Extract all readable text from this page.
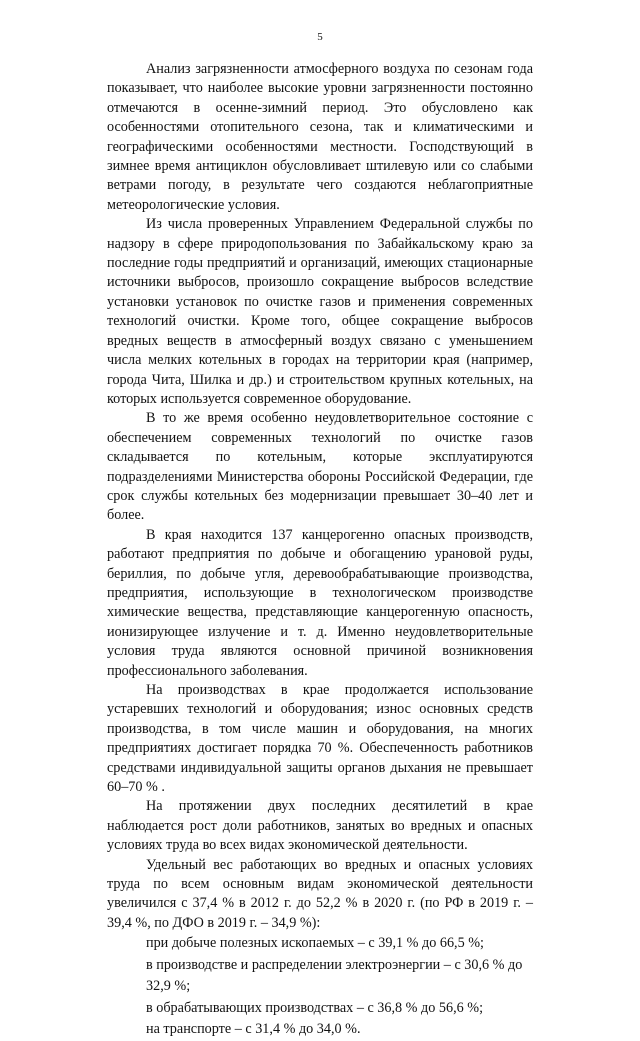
5

Анализ загрязненности атмосферного воздуха по сезонам года показывает, что наиболее высокие уровни загрязненности постоянно отмечаются в осенне-зимний период. Это обусловлено как особенностями отопительного сезона, так и климатическими и географическими особенностями местности. Господствующий в зимнее время антициклон обусловливает штилевую или со слабыми ветрами погоду, в результате чего создаются неблагоприятные метеорологические условия.

Из числа проверенных Управлением Федеральной службы по надзору в сфере природопользования по Забайкальскому краю за последние годы предприятий и организаций, имеющих стационарные источники выбросов, произошло сокращение выбросов вследствие установки установок по очистке газов и применения современных технологий очистки. Кроме того, общее сокращение выбросов вредных веществ в атмосферный воздух связано с уменьшением числа мелких котельных в городах на территории края (например, города Чита, Шилка и др.) и строительством крупных котельных, на которых используется современное оборудование.

В то же время особенно неудовлетворительное состояние с обеспечением современных технологий по очистке газов складывается по котельным, которые эксплуатируются подразделениями Министерства обороны Российской Федерации, где срок службы котельных без модернизации превышает 30–40 лет и более.

В края находится 137 канцерогенно опасных производств, работают предприятия по добыче и обогащению урановой руды, бериллия, по добыче угля, деревообрабатывающие производства, предприятия, использующие в технологическом производстве химические вещества, представляющие канцерогенную опасность, ионизирующее излучение и т. д. Именно неудовлетворительные условия труда являются основной причиной возникновения профессионального заболевания.

На производствах в крае продолжается использование устаревших технологий и оборудования; износ основных средств производства, в том числе машин и оборудования, на многих предприятиях достигает порядка 70 %. Обеспеченность работников средствами индивидуальной защиты органов дыхания не превышает 60–70 % .

На протяжении двух последних десятилетий в крае наблюдается рост доли работников, занятых во вредных и опасных условиях труда во всех видах экономической деятельности.

Удельный вес работающих во вредных и опасных условиях труда по всем основным видам экономической деятельности увеличился с 37,4 % в 2012 г. до 52,2 % в 2020 г. (по РФ в 2019 г. – 39,4 %, по ДФО в 2019 г. – 34,9 %):

при добыче полезных ископаемых – с 39,1 % до 66,5 %;

в производстве и распределении электроэнергии – с 30,6 % до 32,9 %;

в обрабатывающих производствах – с 36,8 % до 56,6 %;

на транспорте – с 31,4 % до 34,0 %.
